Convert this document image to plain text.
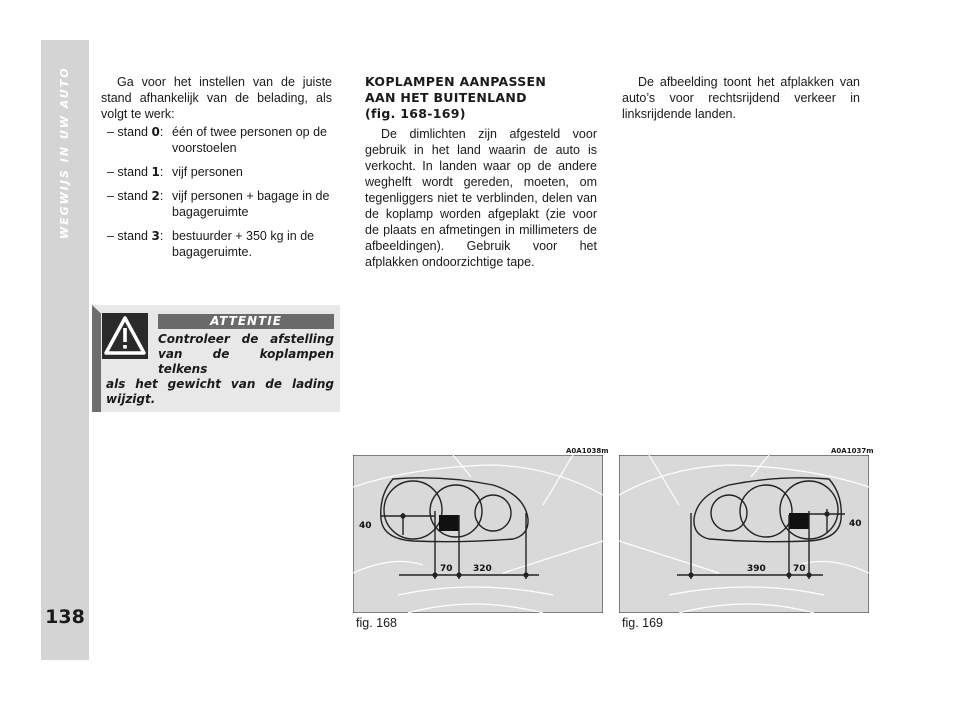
WEGWIJS IN UW AUTO
138

Ga voor het instellen van de juiste stand afhankelijk van de belading, als volgt te werk:

– stand 0: één of twee personen op de voorstoelen
– stand 1: vijf personen
– stand 2: vijf personen + bagage in de bagageruimte
– stand 3: bestuurder + 350 kg in de bagageruimte.
ATTENTIE
Controleer de afstelling van de koplampen telkens
als het gewicht van de lading wijzigt.
KOPLAMPEN AANPASSEN
AAN HET BUITENLAND
(fig. 168-169)

De dimlichten zijn afgesteld voor gebruik in het land waarin de auto is verkocht. In landen waar op de andere weghelft wordt gereden, moeten, om tegenliggers niet te verblinden, delen van de koplamp worden afgeplakt (zie voor de plaats en afmetingen in millimeters de afbeeldingen). Gebruik voor het afplakken ondoorzichtige tape.

De afbeelding toont het afplakken van auto’s voor rechtsrijdend verkeer in linksrijdende landen.

A0A1038m
40
70 320
fig. 168
A0A1037m
40
390	70
fig. 169
